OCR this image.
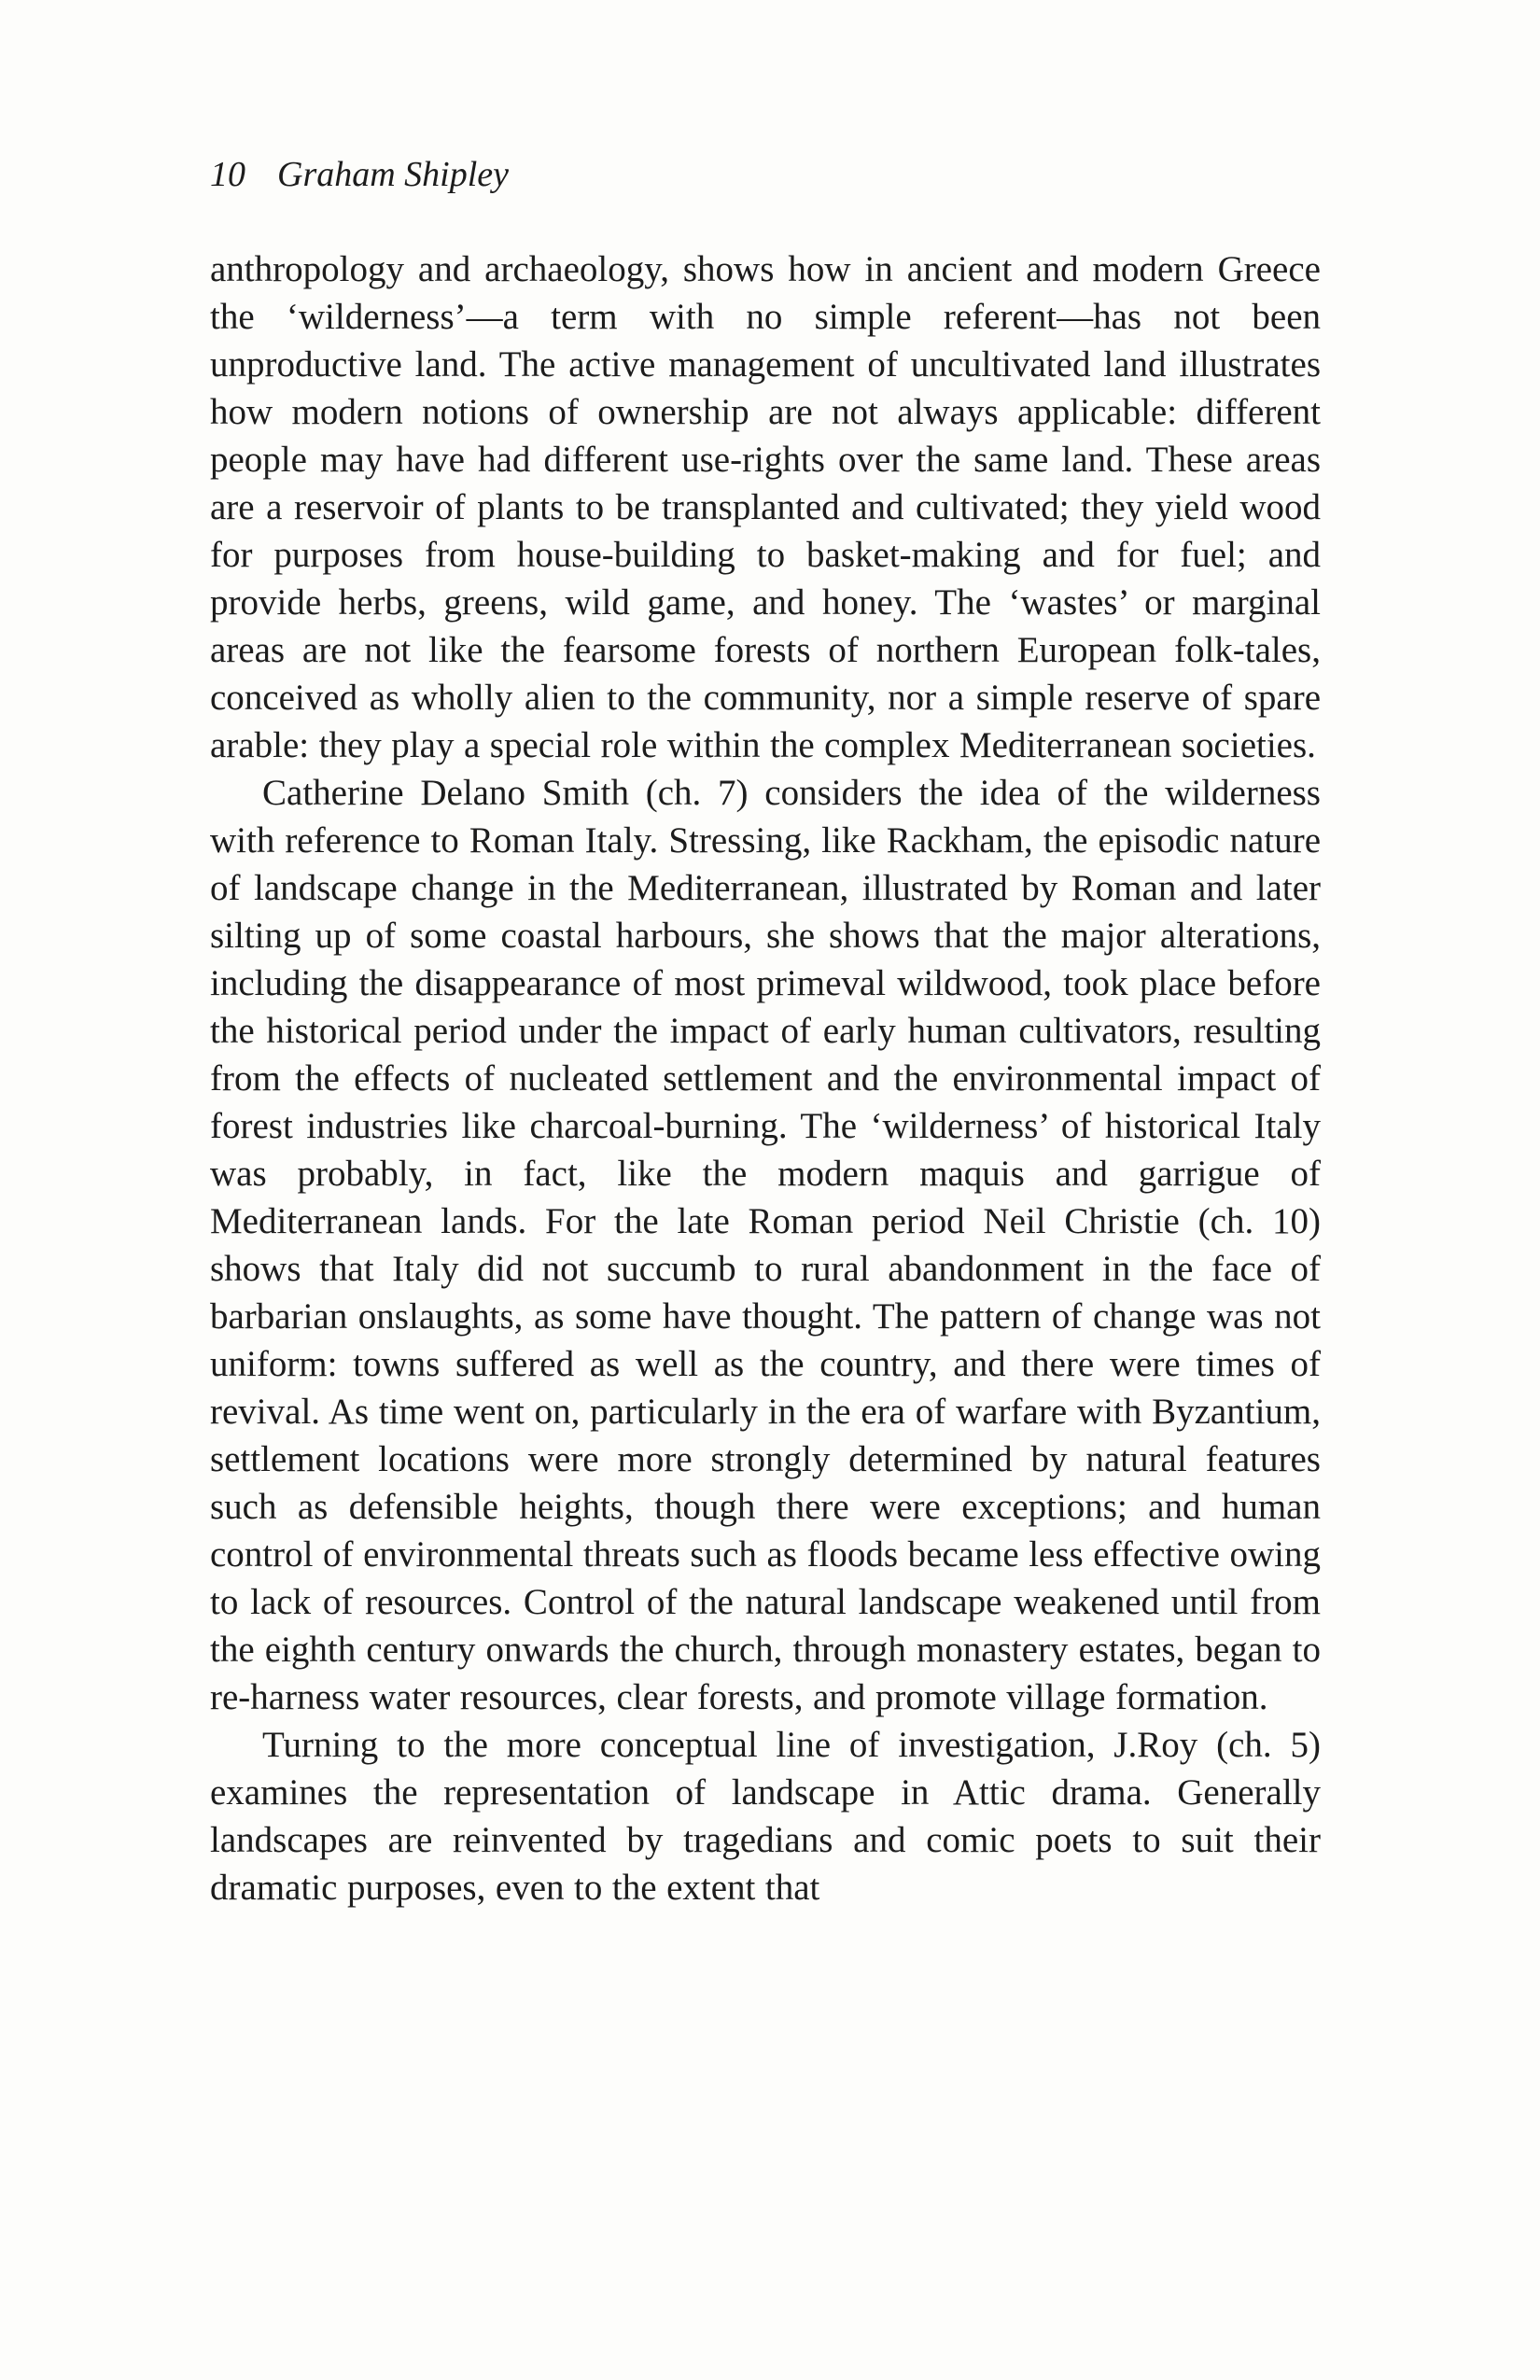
10 Graham Shipley

anthropology and archaeology, shows how in ancient and modern Greece the ‘wilderness’—a term with no simple referent—has not been unproductive land. The active management of uncultivated land illustrates how modern notions of ownership are not always applicable: different people may have had different use-rights over the same land. These areas are a reservoir of plants to be transplanted and cultivated; they yield wood for purposes from house-building to basket-making and for fuel; and provide herbs, greens, wild game, and honey. The ‘wastes’ or marginal areas are not like the fearsome forests of northern European folk-tales, conceived as wholly alien to the community, nor a simple reserve of spare arable: they play a special role within the complex Mediterranean societies.

Catherine Delano Smith (ch. 7) considers the idea of the wilderness with reference to Roman Italy. Stressing, like Rackham, the episodic nature of landscape change in the Mediterranean, illustrated by Roman and later silting up of some coastal harbours, she shows that the major alterations, including the disappearance of most primeval wildwood, took place before the historical period under the impact of early human cultivators, resulting from the effects of nucleated settlement and the environmental impact of forest industries like charcoal-burning. The ‘wilderness’ of historical Italy was probably, in fact, like the modern maquis and garrigue of Mediterranean lands. For the late Roman period Neil Christie (ch. 10) shows that Italy did not succumb to rural abandonment in the face of barbarian onslaughts, as some have thought. The pattern of change was not uniform: towns suffered as well as the country, and there were times of revival. As time went on, particularly in the era of warfare with Byzantium, settlement locations were more strongly determined by natural features such as defensible heights, though there were exceptions; and human control of environmental threats such as floods became less effective owing to lack of resources. Control of the natural landscape weakened until from the eighth century onwards the church, through monastery estates, began to re-harness water resources, clear forests, and promote village formation.

Turning to the more conceptual line of investigation, J.Roy (ch. 5) examines the representation of landscape in Attic drama. Generally landscapes are reinvented by tragedians and comic poets to suit their dramatic purposes, even to the extent that
